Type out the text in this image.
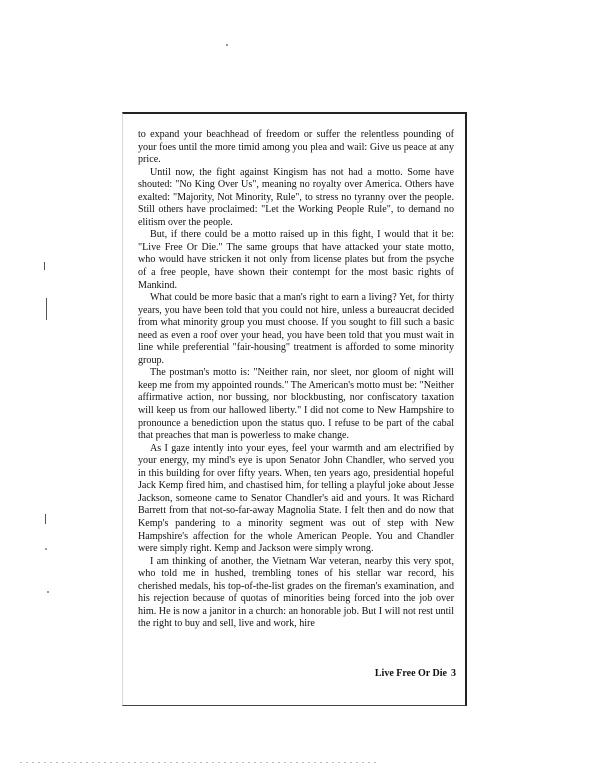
to expand your beachhead of freedom or suffer the relentless pounding of your foes until the more timid among you plea and wail: Give us peace at any price.

Until now, the fight against Kingism has not had a motto. Some have shouted: "No King Over Us", meaning no royalty over America. Others have exalted: "Majority, Not Minority, Rule", to stress no tyranny over the people. Still others have proclaimed: "Let the Working People Rule", to demand no elitism over the people.

But, if there could be a motto raised up in this fight, I would that it be: "Live Free Or Die." The same groups that have attacked your state motto, who would have stricken it not only from license plates but from the psyche of a free people, have shown their contempt for the most basic rights of Mankind.

What could be more basic that a man's right to earn a living? Yet, for thirty years, you have been told that you could not hire, unless a bureaucrat decided from what minority group you must choose. If you sought to fill such a basic need as even a roof over your head, you have been told that you must wait in line while preferential "fair-housing" treatment is afforded to some minority group.

The postman's motto is: "Neither rain, nor sleet, nor gloom of night will keep me from my appointed rounds." The American's motto must be: "Neither affirmative action, nor bussing, nor blockbusting, nor confiscatory taxation will keep us from our hallowed liberty." I did not come to New Hampshire to pronounce a benediction upon the status quo. I refuse to be part of the cabal that preaches that man is powerless to make change.

As I gaze intently into your eyes, feel your warmth and am electrified by your energy, my mind's eye is upon Senator John Chandler, who served you in this building for over fifty years. When, ten years ago, presidential hopeful Jack Kemp fired him, and chastised him, for telling a playful joke about Jesse Jackson, someone came to Senator Chandler's aid and yours. It was Richard Barrett from that not-so-far-away Magnolia State. I felt then and do now that Kemp's pandering to a minority segment was out of step with New Hampshire's affection for the whole American People. You and Chandler were simply right. Kemp and Jackson were simply wrong.

I am thinking of another, the Vietnam War veteran, nearby this very spot, who told me in hushed, trembling tones of his stellar war record, his cherished medals, his top-of-the-list grades on the fireman's examination, and his rejection because of quotas of minorities being forced into the job over him. He is now a janitor in a church: an honorable job. But I will not rest until the right to buy and sell, live and work, hire

Live Free Or Die 3
